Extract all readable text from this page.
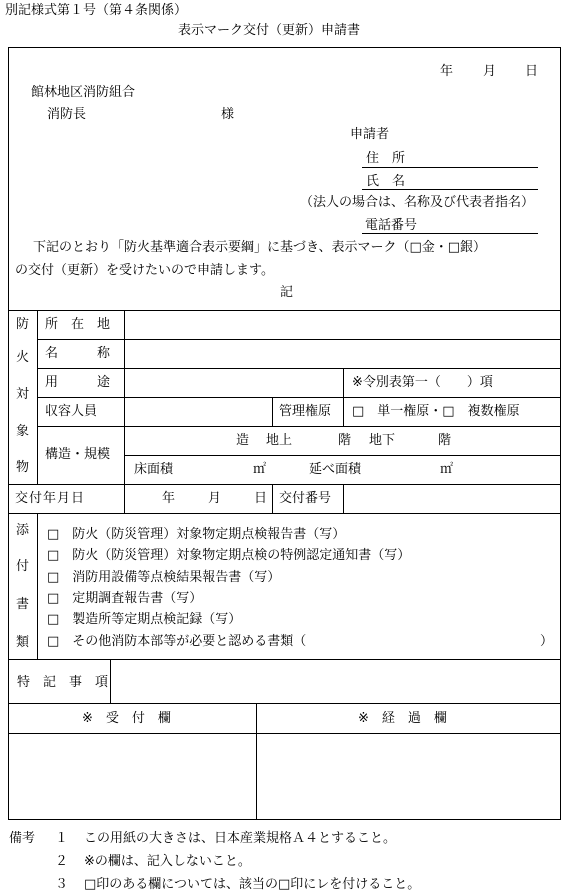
別記様式第１号（第４条関係）
表示マーク交付（更新）申請書
年 月 日
館林地区消防組合
消防長	様
申請者
住　所
氏　名
（法人の場合は、名称及び代表者指名）
電話番号
下記のとおり「防火基準適合表示要綱」に基づき、表示マーク（□金・□銀）
の交付（更新）を受けたいので申請します。
記
防
火
対
象
物
所　在　地
名　　　称
用　　　途	※令別表第一（　　）項
収容人員	管理権原 □　単一権原・□　複数権原
構造・規模
造 地上	階 地下	階
床面積	㎡	延べ面積	㎡
交付年月日	年	月	日 交付番号
添
付
書
類
□　防火（防災管理）対象物定期点検報告書（写）
□　防火（防災管理）対象物定期点検の特例認定通知書（写）
□　消防用設備等点検結果報告書（写）
□　定期調査報告書（写）
□　製造所等定期点検記録（写）
□　その他消防本部等が必要と認める書類（	）
特　記　事　項
※　受　付　欄	※　経　過　欄
備考 １ この用紙の大きさは、日本産業規格Ａ４とすること。
２ ※の欄は、記入しないこと。
３ □印のある欄については、該当の□印にレを付けること。
